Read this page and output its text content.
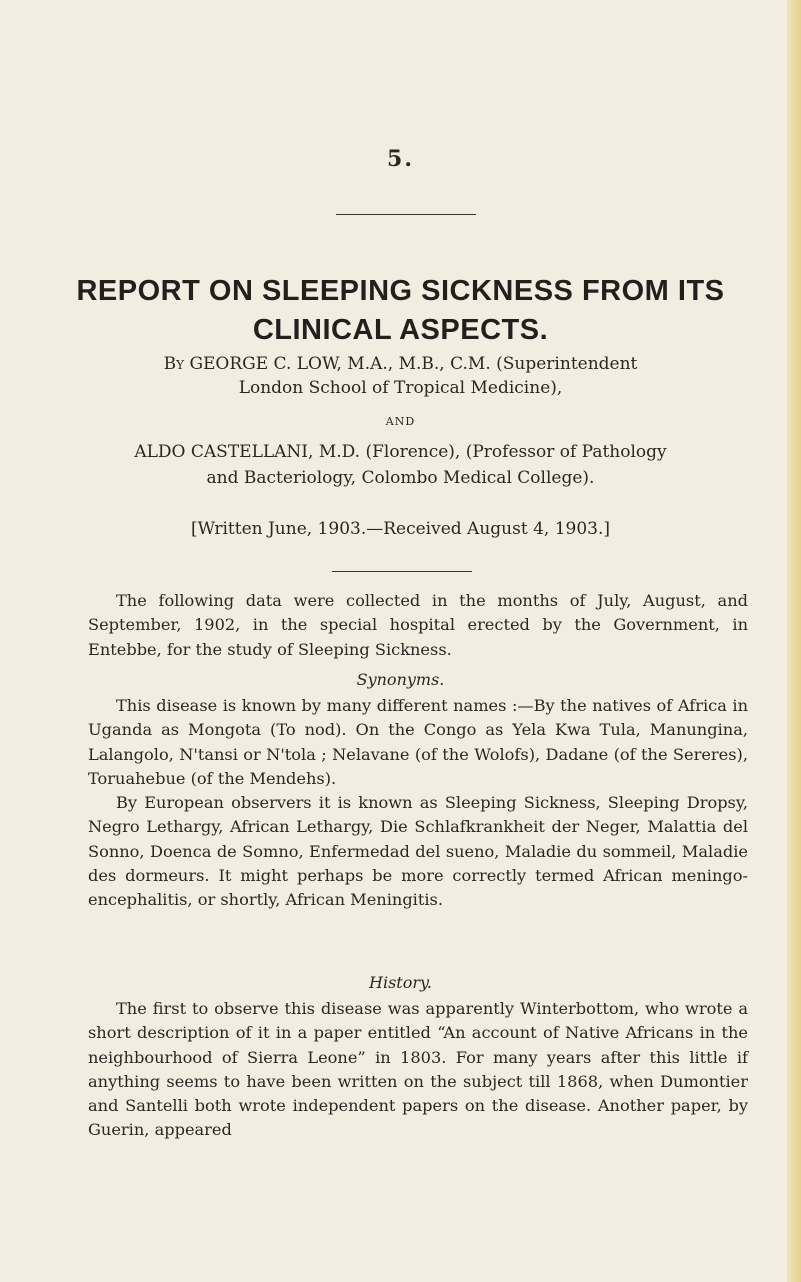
5.
REPORT ON SLEEPING SICKNESS FROM ITS
CLINICAL ASPECTS.
By GEORGE C. LOW, M.A., M.B., C.M. (Superintendent
London School of Tropical Medicine),
AND
ALDO CASTELLANI, M.D. (Florence), (Professor of Pathology
and Bacteriology, Colombo Medical College).
[Written June, 1903.—Received August 4, 1903.]

The following data were collected in the months of July, August, and September, 1902, in the special hospital erected by the Government, in Entebbe, for the study of Sleeping Sickness.

Synonyms.

This disease is known by many different names :—By the natives of Africa in Uganda as Mongota (To nod). On the Congo as Yela Kwa Tula, Manungina, Lalangolo, N'tansi or N'tola ; Nelavane (of the Wolofs), Dadane (of the Sereres), Toruahebue (of the Mendehs).

By European observers it is known as Sleeping Sickness, Sleeping Dropsy, Negro Lethargy, African Lethargy, Die Schlafkrankheit der Neger, Malattia del Sonno, Doenca de Somno, Enfermedad del sueno, Maladie du sommeil, Maladie des dormeurs. It might perhaps be more correctly termed African meningo-encephalitis, or shortly, African Meningitis.

History.

The first to observe this disease was apparently Winterbottom, who wrote a short description of it in a paper entitled “An account of Native Africans in the neighbourhood of Sierra Leone” in 1803. For many years after this little if anything seems to have been written on the subject till 1868, when Dumontier and Santelli both wrote independent papers on the disease. Another paper, by Guerin, appeared
